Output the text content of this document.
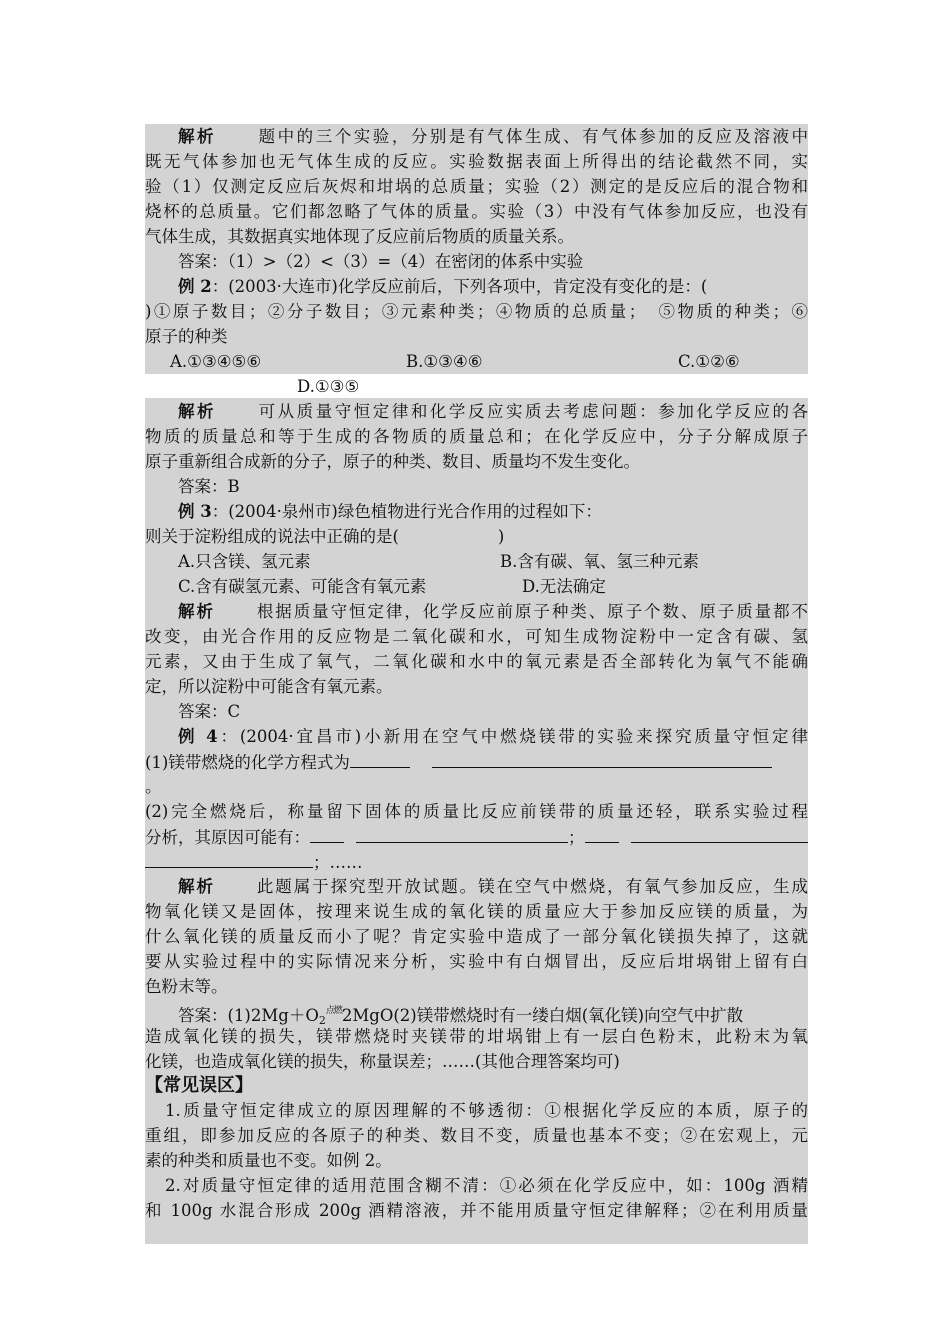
解析 题中的三个实验，分别是有气体生成、有气体参加的反应及溶液中
既无气体参加也无气体生成的反应。实验数据表面上所得出的结论截然不同，实
验（1）仅测定反应后灰烬和坩埚的总质量；实验（2）测定的是反应后的混合物和
烧杯的总质量。它们都忽略了气体的质量。实验（3）中没有气体参加反应，也没有
气体生成，其数据真实地体现了反应前后物质的质量关系。
答案：（1）>（2）<（3）=（4）在密闭的体系中实验
例 2：(2003·大连市)化学反应前后，下列各项中，肯定没有变化的是：(
)①原子数目；②分子数目；③元素种类；④物质的总质量；　⑤物质的种类；⑥
原子的种类
A.①③④⑤⑥	B.①③④⑥	C.①②⑥
D.①③⑤
解析 可从质量守恒定律和化学反应实质去考虑问题：参加化学反应的各
物质的质量总和等于生成的各物质的质量总和；在化学反应中，分子分解成原子
原子重新组合成新的分子，原子的种类、数目、质量均不发生变化。
答案：B
例 3：(2004·泉州市)绿色植物进行光合作用的过程如下：
则关于淀粉组成的说法中正确的是(　　　　　　)
A.只含镁、氢元素	B.含有碳、氧、氢三种元素
C.含有碳氢元素、可能含有氧元素	D.无法确定
解析 根据质量守恒定律，化学反应前原子种类、原子个数、原子质量都不
改变，由光合作用的反应物是二氧化碳和水，可知生成物淀粉中一定含有碳、氢
元素，又由于生成了氧气，二氧化碳和水中的氧元素是否全部转化为氧气不能确
定，所以淀粉中可能含有氧元素。
答案：C
例 4：(2004·宜昌市)小新用在空气中燃烧镁带的实验来探究质量守恒定律
(1)镁带燃烧的化学方程式为
。
(2)完全燃烧后，称量留下固体的质量比反应前镁带的质量还轻，联系实验过程
分析，其原因可能有：	；
；……
解析 此题属于探究型开放试题。镁在空气中燃烧，有氧气参加反应，生成
物氧化镁又是固体，按理来说生成的氧化镁的质量应大于参加反应镁的质量，为
什么氧化镁的质量反而小了呢？肯定实验中造成了一部分氧化镁损失掉了，这就
要从实验过程中的实际情况来分析，实验中有白烟冒出，反应后坩埚钳上留有白
色粉末等。
答案：$(1)2Mg+O_2^{点燃}2MgO(2)$镁带燃烧时有一缕白烟(氧化镁)向空气中扩散
造成氧化镁的损失，镁带燃烧时夹镁带的坩埚钳上有一层白色粉末，此粉末为氧
化镁，也造成氧化镁的损失，称量误差；……(其他合理答案均可)
【常见误区】
1.质量守恒定律成立的原因理解的不够透彻：①根据化学反应的本质，原子的
重组，即参加反应的各原子的种类、数目不变，质量也基本不变；②在宏观上，元
素的种类和质量也不变。如例 2。
2.对质量守恒定律的适用范围含糊不清：①必须在化学反应中，如：100g 酒精
和 100g 水混合形成 200g 酒精溶液，并不能用质量守恒定律解释；②在利用质量
